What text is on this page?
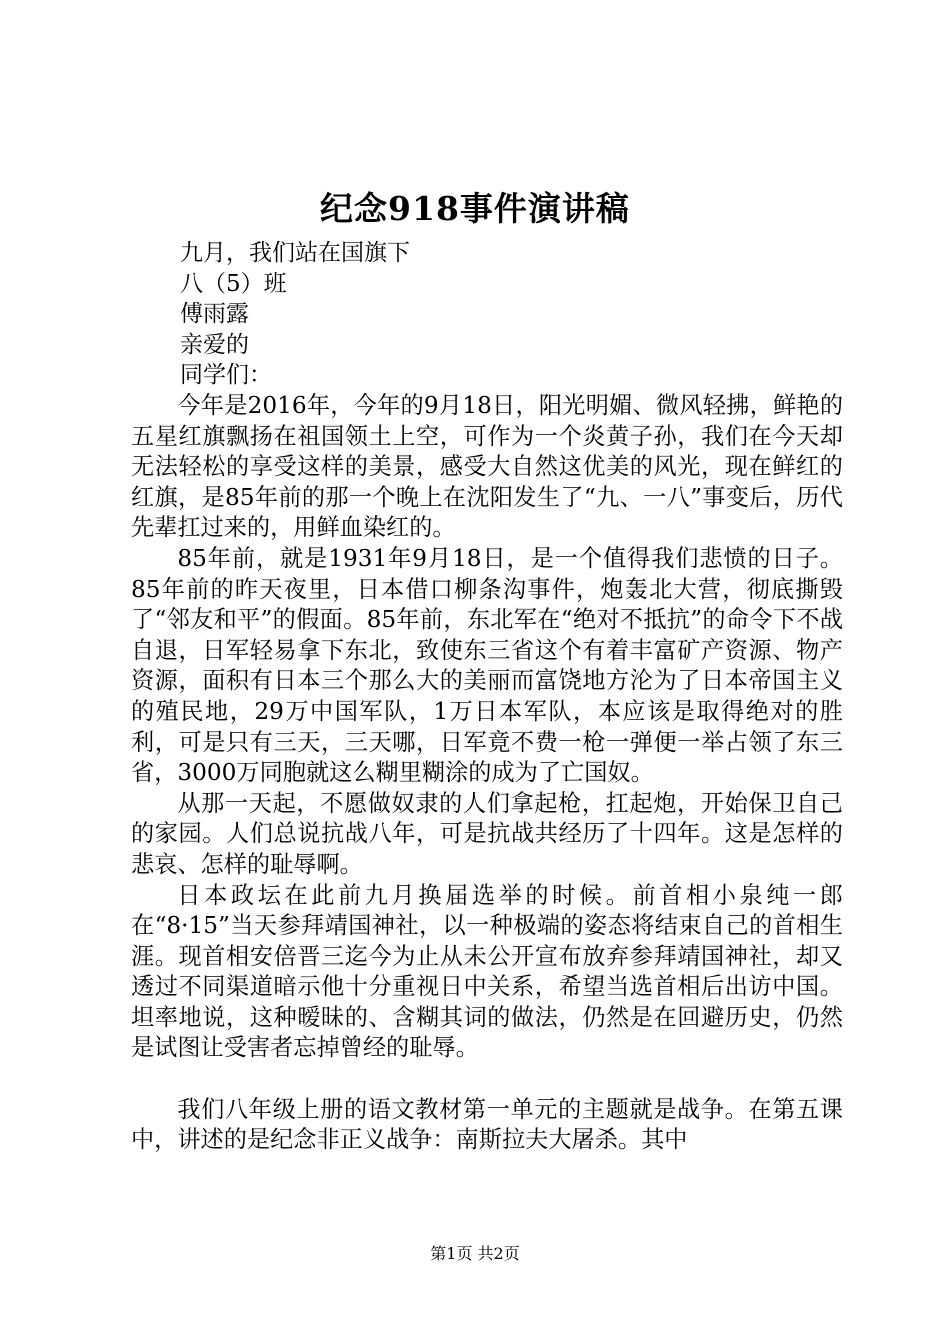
纪念918事件演讲稿
九月，我们站在国旗下
八（5）班
傅雨露
亲爱的
同学们：

今年是2016年，今年的9月18日，阳光明媚、微风轻拂，鲜艳的五星红旗飘扬在祖国领土上空，可作为一个炎黄子孙，我们在今天却无法轻松的享受这样的美景，感受大自然这优美的风光，现在鲜红的红旗，是85年前的那一个晚上在沈阳发生了“九、一八”事变后，历代先辈扛过来的，用鲜血染红的。

85年前，就是1931年9月18日，是一个值得我们悲愤的日子。85年前的昨天夜里，日本借口柳条沟事件，炮轰北大营，彻底撕毁了“邻友和平”的假面。85年前，东北军在“绝对不抵抗”的命令下不战自退，日军轻易拿下东北，致使东三省这个有着丰富矿产资源、物产资源，面积有日本三个那么大的美丽而富饶地方沦为了日本帝国主义的殖民地，29万中国军队，1万日本军队，本应该是取得绝对的胜利，可是只有三天，三天哪，日军竟不费一枪一弹便一举占领了东三省，3000万同胞就这么糊里糊涂的成为了亡国奴。

从那一天起，不愿做奴隶的人们拿起枪，扛起炮，开始保卫自己的家园。人们总说抗战八年，可是抗战共经历了十四年。这是怎样的悲哀、怎样的耻辱啊。

日本政坛在此前九月换届选举的时候。前首相小泉纯一郎在“8·15”当天参拜靖国神社，以一种极端的姿态将结束自己的首相生涯。现首相安倍晋三迄今为止从未公开宣布放弃参拜靖国神社，却又透过不同渠道暗示他十分重视日中关系，希望当选首相后出访中国。坦率地说，这种暧昧的、含糊其词的做法，仍然是在回避历史，仍然是试图让受害者忘掉曾经的耻辱。

我们八年级上册的语文教材第一单元的主题就是战争。在第五课中，讲述的是纪念非正义战争：南斯拉夫大屠杀。其中

第1页 共2页
